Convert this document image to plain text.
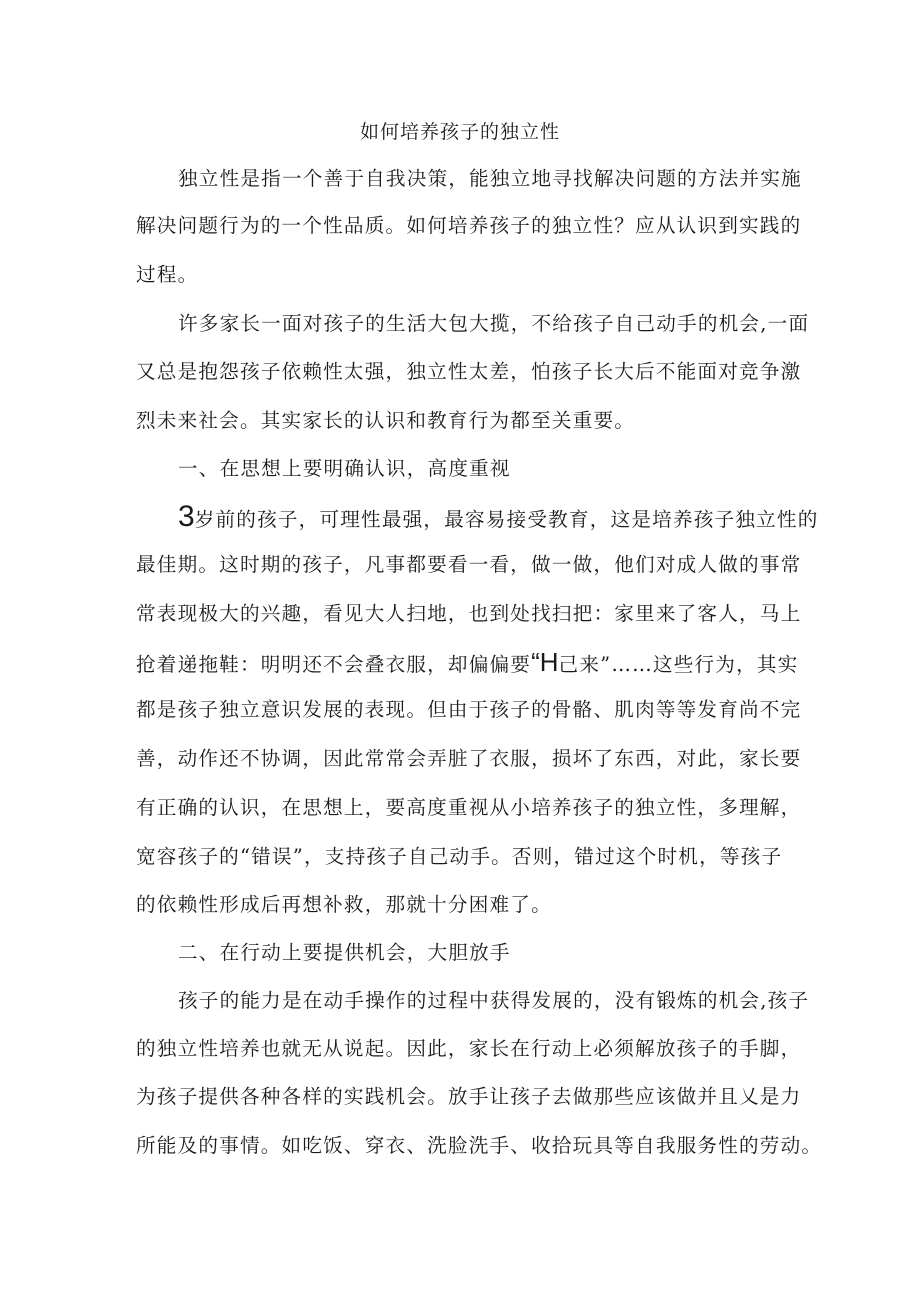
如何培养孩子的独立性
独立性是指一个善于自我决策，能独立地寻找解决问题的方法并实施
解决问题行为的一个性品质。如何培养孩子的独立性？应从认识到实践的
过程。
许多家长一面对孩子的生活大包大揽，不给孩子自己动手的机会,一面
又总是抱怨孩子依赖性太强，独立性太差，怕孩子长大后不能面对竞争激
烈未来社会。其实家长的认识和教育行为都至关重要。
一、在思想上要明确认识，高度重视
3岁前的孩子，可理性最强，最容易接受教育，这是培养孩子独立性的
最佳期。这时期的孩子，凡事都要看一看，做一做，他们对成人做的事常
常表现极大的兴趣，看见大人扫地，也到处找扫把：家里来了客人，马上
抢着递拖鞋：明明还不会叠衣服，却偏偏要“H己来”……这些行为，其实
都是孩子独立意识发展的表现。但由于孩子的骨骼、肌肉等等发育尚不完
善，动作还不协调，因此常常会弄脏了衣服，损坏了东西，对此，家长要
有正确的认识，在思想上，要高度重视从小培养孩子的独立性，多理解，
宽容孩子的“错误”，支持孩子自己动手。否则，错过这个时机，等孩子
的依赖性形成后再想补救，那就十分困难了。
二、在行动上要提供机会，大胆放手
孩子的能力是在动手操作的过程中获得发展的，没有锻炼的机会,孩子
的独立性培养也就无从说起。因此，家长在行动上必须解放孩子的手脚，
为孩子提供各种各样的实践机会。放手让孩子去做那些应该做并且乂是力
所能及的事情。如吃饭、穿衣、洗脸洗手、收拾玩具等自我服务性的劳动。
